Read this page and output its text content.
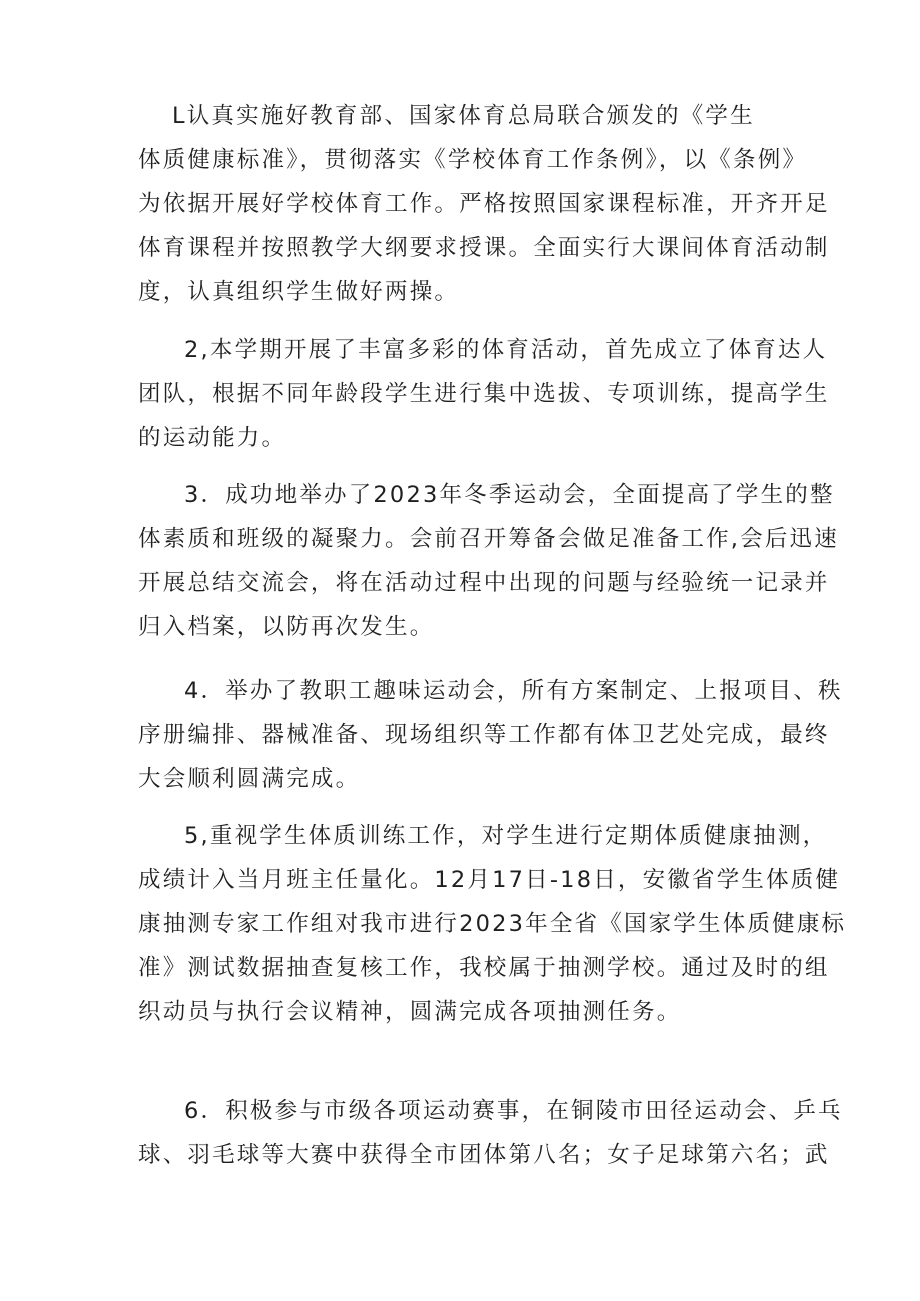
L认真实施好教育部、国家体育总局联合颁发的《学生
体质健康标准》，贯彻落实《学校体育工作条例》，以《条例》
为依据开展好学校体育工作。严格按照国家课程标准，开齐开足
体育课程并按照教学大纲要求授课。全面实行大课间体育活动制
度，认真组织学生做好两操。
2,本学期开展了丰富多彩的体育活动，首先成立了体育达人
团队，根据不同年龄段学生进行集中选拔、专项训练，提高学生
的运动能力。
3．成功地举办了2023年冬季运动会，全面提高了学生的整
体素质和班级的凝聚力。会前召开筹备会做足准备工作,会后迅速
开展总结交流会，将在活动过程中出现的问题与经验统一记录并
归入档案，以防再次发生。
4．举办了教职工趣味运动会，所有方案制定、上报项目、秩
序册编排、器械准备、现场组织等工作都有体卫艺处完成，最终
大会顺利圆满完成。
5,重视学生体质训练工作，对学生进行定期体质健康抽测，
成绩计入当月班主任量化。12月17日-18日，安徽省学生体质健
康抽测专家工作组对我市进行2023年全省《国家学生体质健康标
准》测试数据抽查复核工作，我校属于抽测学校。通过及时的组
织动员与执行会议精神，圆满完成各项抽测任务。
6．积极参与市级各项运动赛事，在铜陵市田径运动会、乒乓
球、羽毛球等大赛中获得全市团体第八名；女子足球第六名；武
